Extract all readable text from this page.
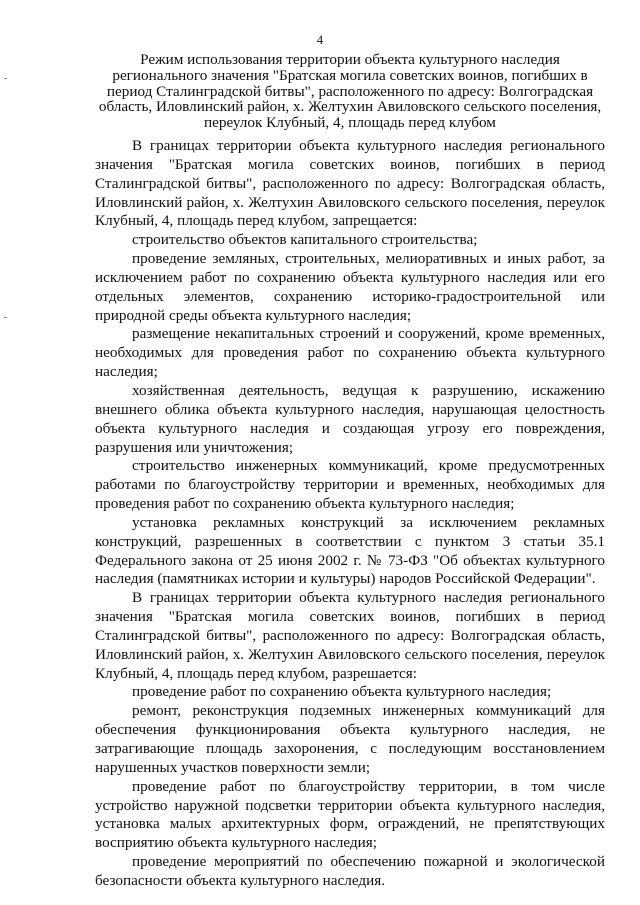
4
Режим использования территории объекта культурного наследия регионального значения "Братская могила советских воинов, погибших в период Сталинградской битвы", расположенного по адресу: Волгоградская область, Иловлинский район, х. Желтухин Авиловского сельского поселения, переулок Клубный, 4, площадь перед клубом

В границах территории объекта культурного наследия регионального значения "Братская могила советских воинов, погибших в период Сталинградской битвы", расположенного по адресу: Волгоградская область, Иловлинский район, х. Желтухин Авиловского сельского поселения, переулок Клубный, 4, площадь перед клубом, запрещается:

строительство объектов капитального строительства;

проведение земляных, строительных, мелиоративных и иных работ, за исключением работ по сохранению объекта культурного наследия или его отдельных элементов, сохранению историко-градостроительной или природной среды объекта культурного наследия;

размещение некапитальных строений и сооружений, кроме временных, необходимых для проведения работ по сохранению объекта культурного наследия;

хозяйственная деятельность, ведущая к разрушению, искажению внешнего облика объекта культурного наследия, нарушающая целостность объекта культурного наследия и создающая угрозу его повреждения, разрушения или уничтожения;

строительство инженерных коммуникаций, кроме предусмотренных работами по благоустройству территории и временных, необходимых для проведения работ по сохранению объекта культурного наследия;

установка рекламных конструкций за исключением рекламных конструкций, разрешенных в соответствии с пунктом 3 статьи 35.1 Федерального закона от 25 июня 2002 г. № 73-ФЗ "Об объектах культурного наследия (памятниках истории и культуры) народов Российской Федерации".

В границах территории объекта культурного наследия регионального значения "Братская могила советских воинов, погибших в период Сталинградской битвы", расположенного по адресу: Волгоградская область, Иловлинский район, х. Желтухин Авиловского сельского поселения, переулок Клубный, 4, площадь перед клубом, разрешается:

проведение работ по сохранению объекта культурного наследия;

ремонт, реконструкция подземных инженерных коммуникаций для обеспечения функционирования объекта культурного наследия, не затрагивающие площадь захоронения, с последующим восстановлением нарушенных участков поверхности земли;

проведение работ по благоустройству территории, в том числе устройство наружной подсветки территории объекта культурного наследия, установка малых архитектурных форм, ограждений, не препятствующих восприятию объекта культурного наследия;

проведение мероприятий по обеспечению пожарной и экологической безопасности объекта культурного наследия.
